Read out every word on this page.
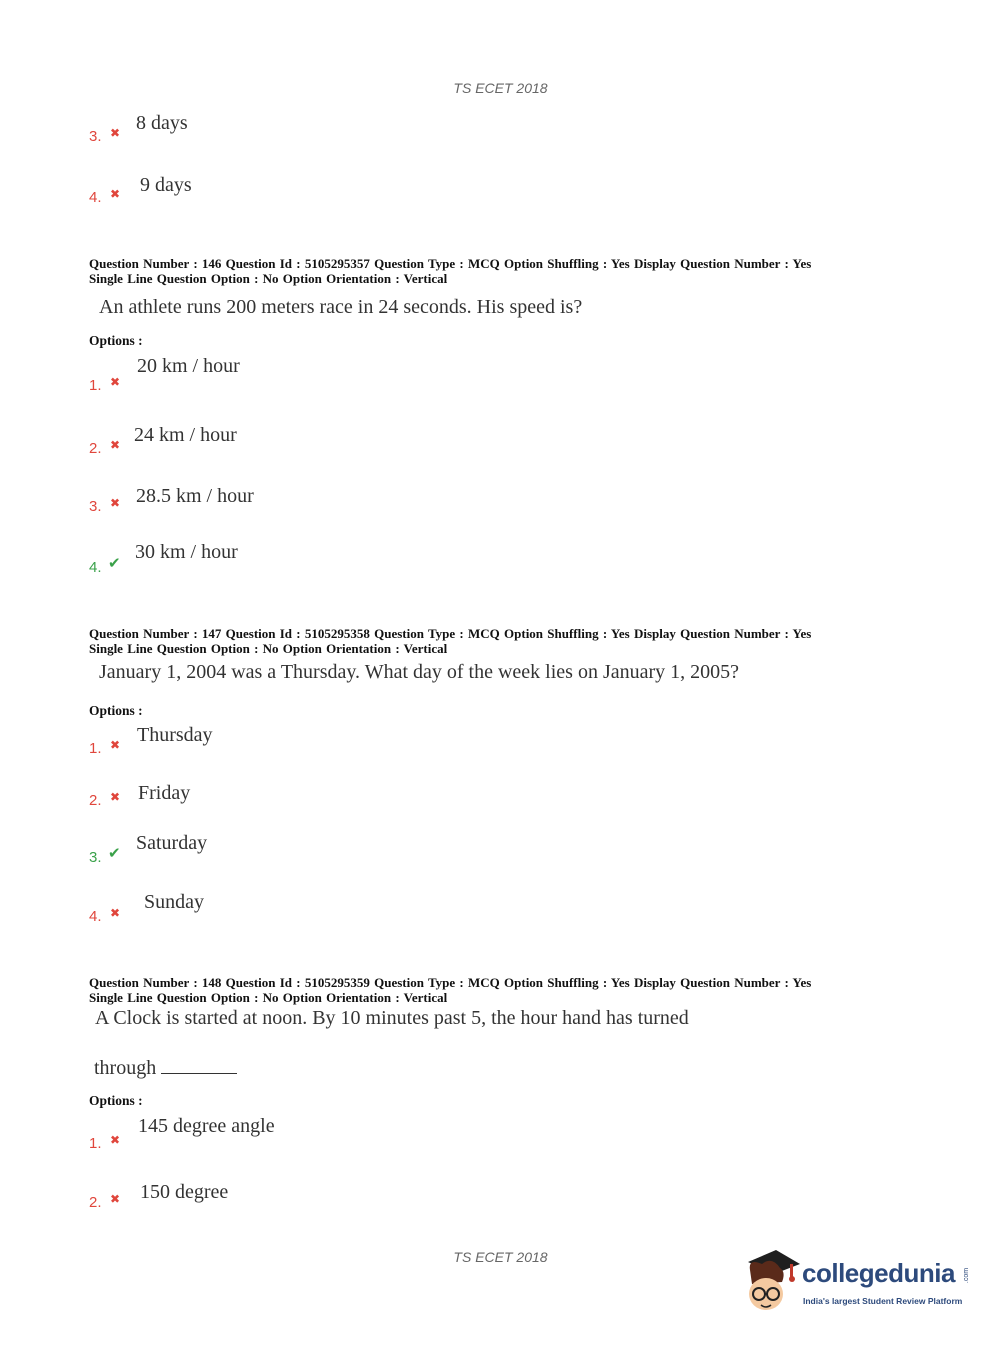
TS ECET 2018
3. ✖ 8 days
4. ✖ 9 days
Question Number : 146 Question Id : 5105295357 Question Type : MCQ Option Shuffling : Yes Display Question Number : Yes
Single Line Question Option : No Option Orientation : Vertical
An athlete runs 200 meters race in 24 seconds. His speed is?
Options :
1. ✖
20 km / hour
2. ✖ 24 km / hour
3. ✖ 28.5 km / hour
4. ✔ 30 km / hour
Question Number : 147 Question Id : 5105295358 Question Type : MCQ Option Shuffling : Yes Display Question Number : Yes
Single Line Question Option : No Option Orientation : Vertical
January 1, 2004 was a Thursday. What day of the week lies on January 1, 2005?
Options :
1. ✖ Thursday
2. ✖ Friday
3. ✔ Saturday
4. ✖ Sunday
Question Number : 148 Question Id : 5105295359 Question Type : MCQ Option Shuffling : Yes Display Question Number : Yes
Single Line Question Option : No Option Orientation : Vertical
A Clock is started at noon. By 10 minutes past 5, the hour hand has turned
through
Options :
1. ✖
145 degree angle
2. ✖ 150 degree
TS ECET 2018
collegedunia .com
India's largest Student Review Platform
